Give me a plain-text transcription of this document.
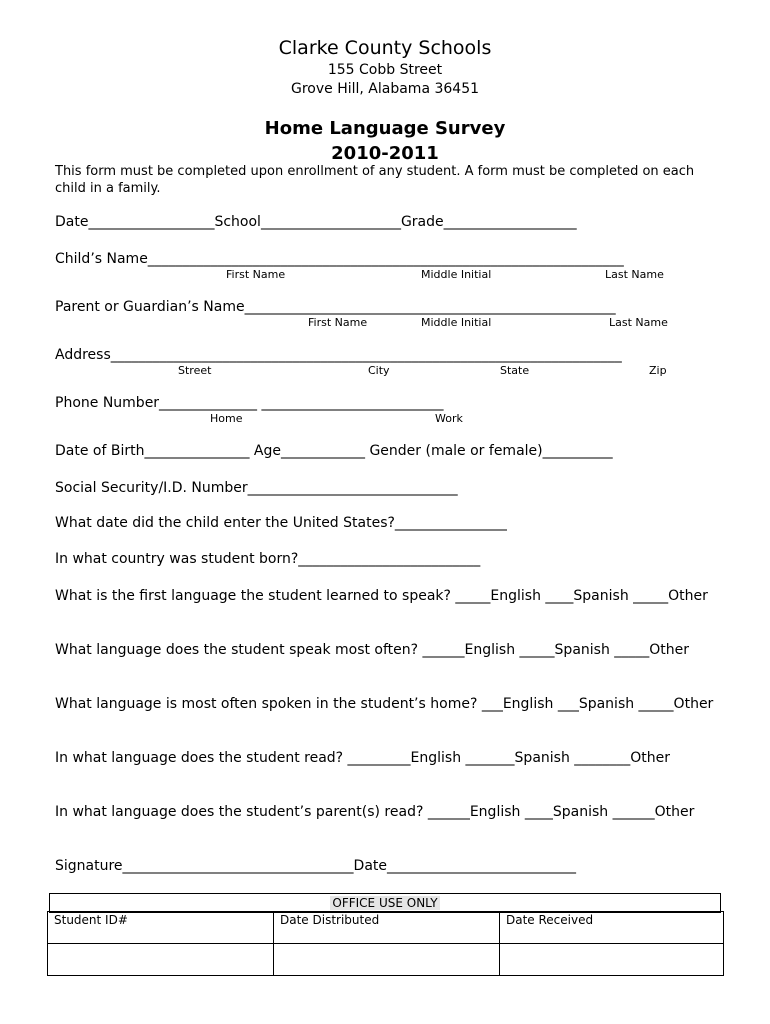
Clarke County Schools
155 Cobb Street
Grove Hill, Alabama 36451
Home Language Survey
2010-2011
This form must be completed upon enrollment of any student. A form must be completed on each child in a family.
Date__________________School____________________Grade___________________
Child’s Name____________________________________________________________________
First Name	Middle Initial	Last Name
Parent or Guardian’s Name_____________________________________________________
First Name	Middle Initial	Last Name
Address_________________________________________________________________________
Street	City	State	Zip
Phone Number______________ __________________________
Home	Work
Date of Birth_______________ Age____________ Gender (male or female)__________
Social Security/I.D. Number______________________________
What date did the child enter the United States?________________
In what country was student born?__________________________
What is the first language the student learned to speak? _____English ____Spanish _____Other
What language does the student speak most often? ______English _____Spanish _____Other
What language is most often spoken in the student’s home? ___English ___Spanish _____Other
In what language does the student read? _________English _______Spanish ________Other
In what language does the student’s parent(s) read? ______English ____Spanish ______Other
Signature_________________________________Date___________________________
OFFICE USE ONLY
Student ID#	Date Distributed	Date Received
